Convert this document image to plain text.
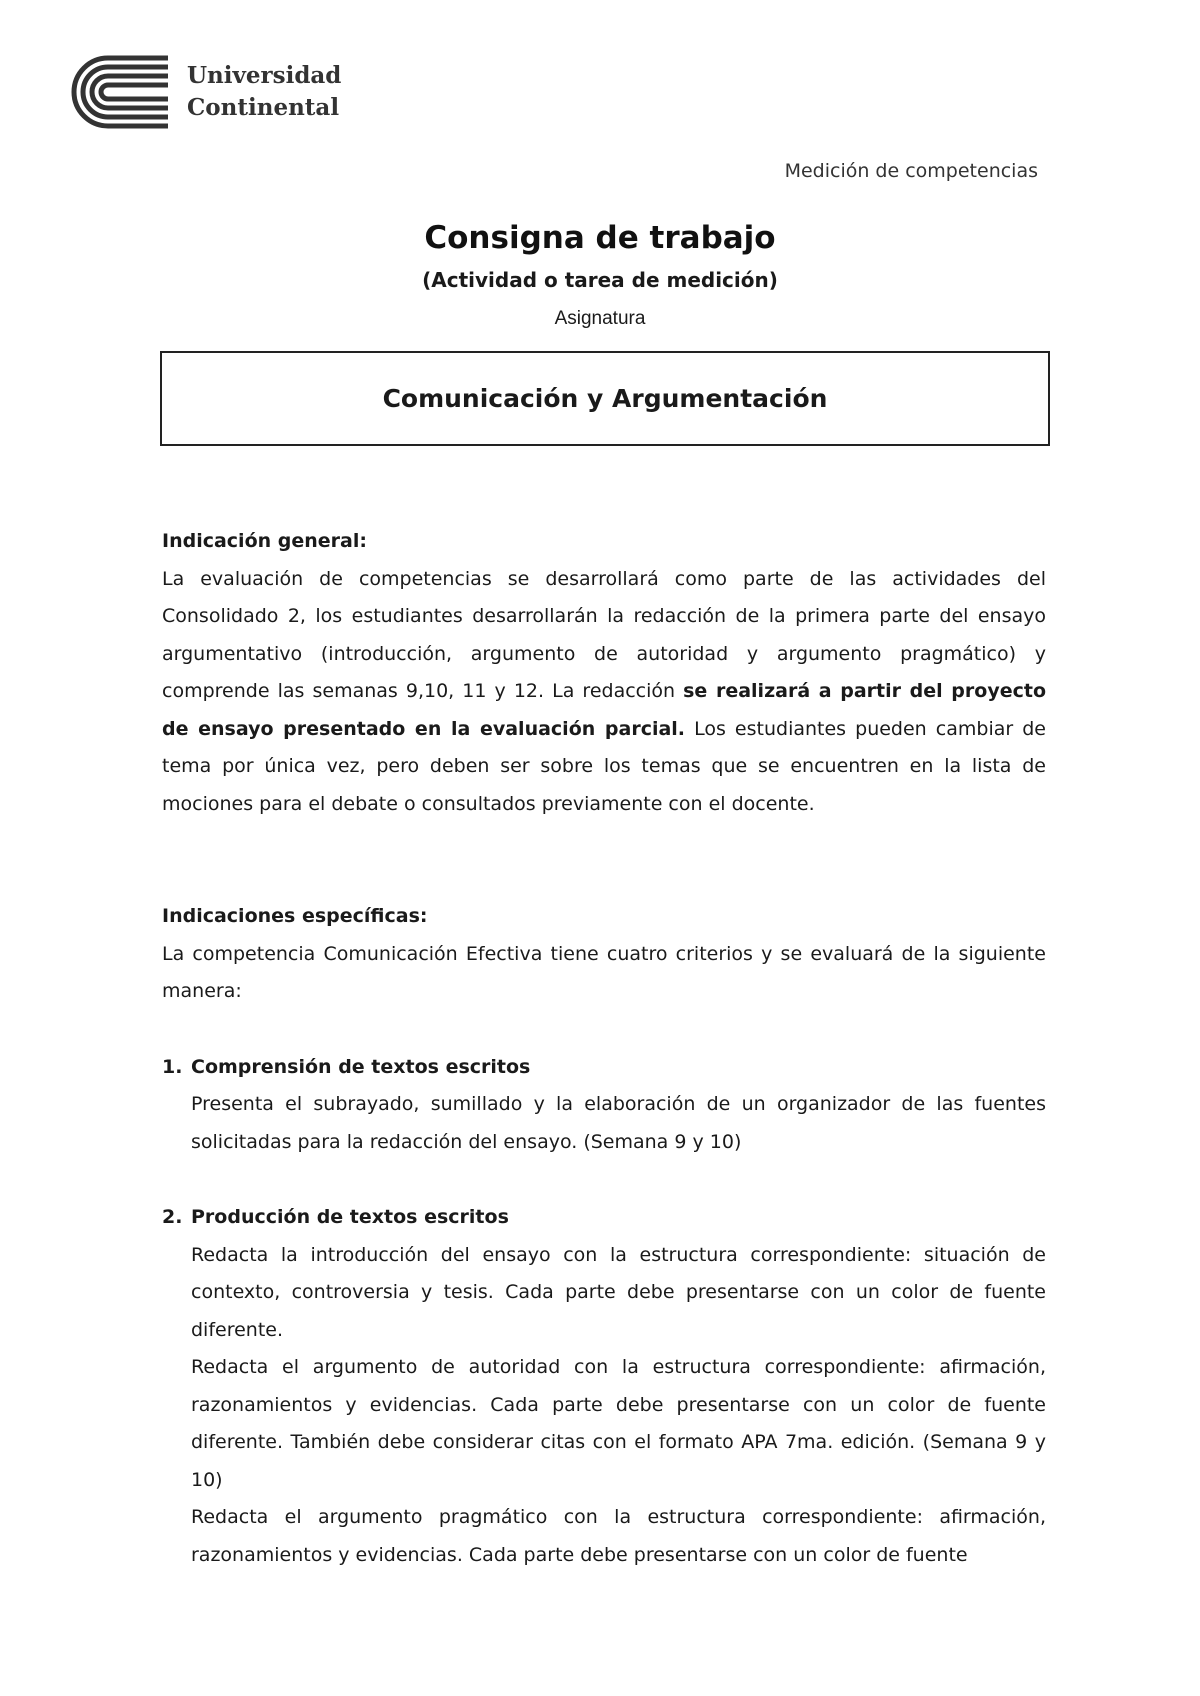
Universidad
Continental
Medición de competencias
Consigna de trabajo
(Actividad o tarea de medición)
Asignatura
Comunicación y Argumentación
Indicación general:
La evaluación de competencias se desarrollará como parte de las actividades del Consolidado 2, los estudiantes desarrollarán la redacción de la primera parte del ensayo argumentativo (introducción, argumento de autoridad y argumento pragmático) y comprende las semanas 9,10, 11 y 12. La redacción se realizará a partir del proyecto de ensayo presentado en la evaluación parcial. Los estudiantes pueden cambiar de tema por única vez, pero deben ser sobre los temas que se encuentren en la lista de mociones para el debate o consultados previamente con el docente.
Indicaciones específicas:
La competencia Comunicación Efectiva tiene cuatro criterios y se evaluará de la siguiente manera:
1. Comprensión de textos escritos
Presenta el subrayado, sumillado y la elaboración de un organizador de las fuentes solicitadas para la redacción del ensayo. (Semana 9 y 10)
2. Producción de textos escritos
Redacta la introducción del ensayo con la estructura correspondiente: situación de contexto, controversia y tesis. Cada parte debe presentarse con un color de fuente diferente.
Redacta el argumento de autoridad con la estructura correspondiente: afirmación, razonamientos y evidencias. Cada parte debe presentarse con un color de fuente diferente. También debe considerar citas con el formato APA 7ma. edición. (Semana 9 y 10)
Redacta el argumento pragmático con la estructura correspondiente: afirmación, razonamientos y evidencias. Cada parte debe presentarse con un color de fuente
